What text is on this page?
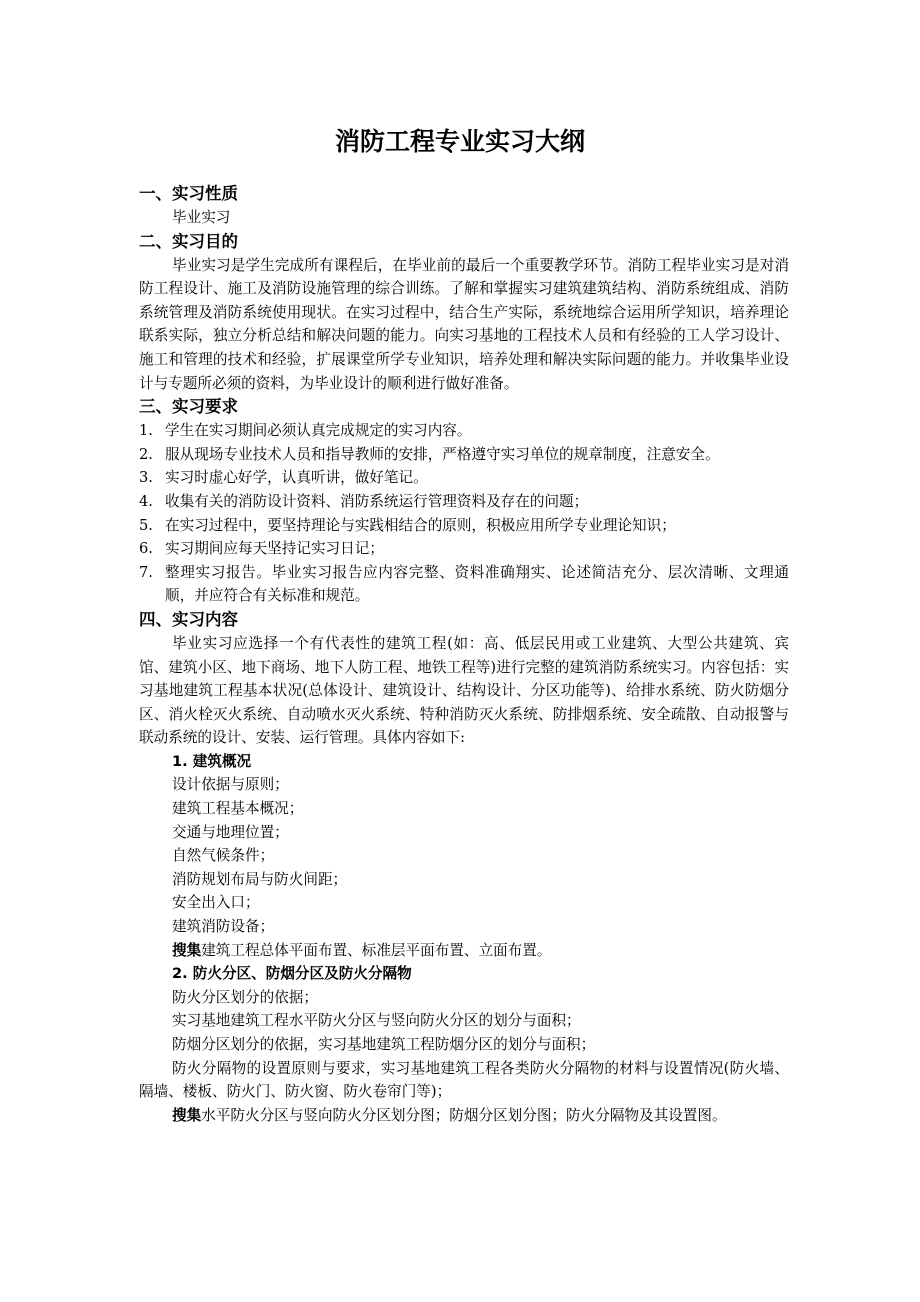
消防工程专业实习大纲

一、实习性质

毕业实习

二、实习目的

毕业实习是学生完成所有课程后，在毕业前的最后一个重要教学环节。消防工程毕业实习是对消防工程设计、施工及消防设施管理的综合训练。了解和掌握实习建筑建筑结构、消防系统组成、消防系统管理及消防系统使用现状。在实习过程中，结合生产实际，系统地综合运用所学知识，培养理论联系实际，独立分析总结和解决问题的能力。向实习基地的工程技术人员和有经验的工人学习设计、施工和管理的技术和经验，扩展课堂所学专业知识，培养处理和解决实际问题的能力。并收集毕业设计与专题所必须的资料，为毕业设计的顺利进行做好准备。

三、实习要求

1. 学生在实习期间必须认真完成规定的实习内容。
2. 服从现场专业技术人员和指导教师的安排，严格遵守实习单位的规章制度，注意安全。
3. 实习时虚心好学，认真听讲，做好笔记。
4. 收集有关的消防设计资料、消防系统运行管理资料及存在的问题；
5. 在实习过程中，要坚持理论与实践相结合的原则，积极应用所学专业理论知识；
6. 实习期间应每天坚持记实习日记；
7. 整理实习报告。毕业实习报告应内容完整、资料准确翔实、论述简洁充分、层次清晰、文理通顺，并应符合有关标准和规范。

四、实习内容

毕业实习应选择一个有代表性的建筑工程(如：高、低层民用或工业建筑、大型公共建筑、宾馆、建筑小区、地下商场、地下人防工程、地铁工程等)进行完整的建筑消防系统实习。内容包括：实习基地建筑工程基本状况(总体设计、建筑设计、结构设计、分区功能等)、给排水系统、防火防烟分区、消火栓灭火系统、自动喷水灭火系统、特种消防灭火系统、防排烟系统、安全疏散、自动报警与联动系统的设计、安装、运行管理。具体内容如下:

1. 建筑概况

设计依据与原则；

建筑工程基本概况；

交通与地理位置；

自然气候条件；

消防规划布局与防火间距；

安全出入口；

建筑消防设备；

搜集建筑工程总体平面布置、标准层平面布置、立面布置。

2. 防火分区、防烟分区及防火分隔物

防火分区划分的依据；

实习基地建筑工程水平防火分区与竖向防火分区的划分与面积；

防烟分区划分的依据，实习基地建筑工程防烟分区的划分与面积；

防火分隔物的设置原则与要求，实习基地建筑工程各类防火分隔物的材料与设置情况(防火墙、隔墙、楼板、防火门、防火窗、防火卷帘门等)；

搜集水平防火分区与竖向防火分区划分图；防烟分区划分图；防火分隔物及其设置图。
